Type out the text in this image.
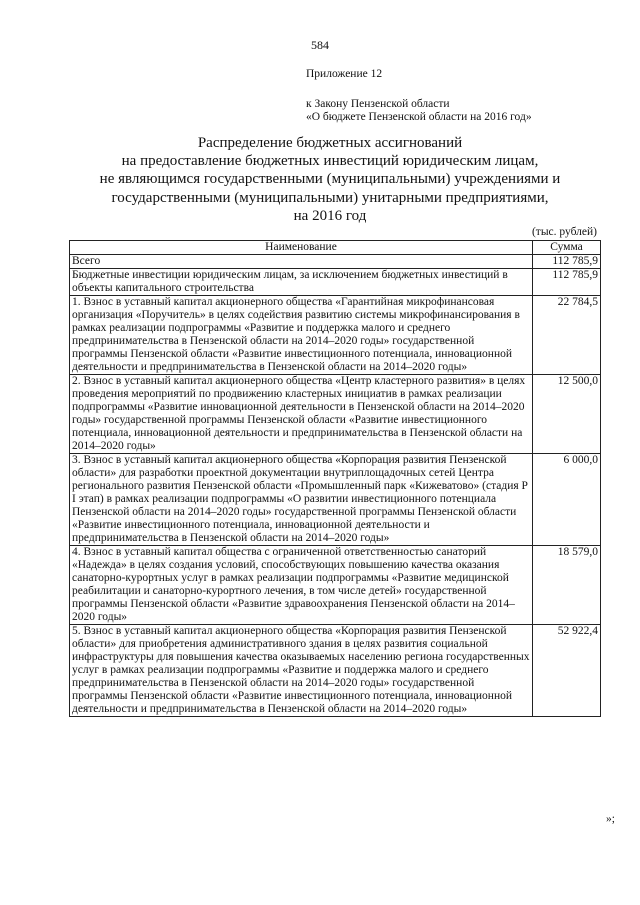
584
Приложение 12
к Закону Пензенской области
«О бюджете Пензенской области на 2016 год»
Распределение бюджетных ассигнований
на предоставление бюджетных инвестиций юридическим лицам,
не являющимся государственными (муниципальными) учреждениями и
государственными (муниципальными) унитарными предприятиями,
на 2016 год
(тыс. рублей)
Наименование	Сумма
Всего	112 785,9
Бюджетные инвестиции юридическим лицам, за исключением бюджетных инвестиций в объекты капитального строительства	112 785,9
1. Взнос в уставный капитал акционерного общества «Гарантийная микрофинансовая организация «Поручитель» в целях содействия развитию системы микрофинансирования в рамках реализации подпрограммы «Развитие и поддержка малого и среднего предпринимательства в Пензенской области на 2014–2020 годы» государственной программы Пензенской области «Развитие инвестиционного потенциала, инновационной деятельности и предпринимательства в Пензенской области на 2014–2020 годы»	22 784,5
2. Взнос в уставный капитал акционерного общества «Центр кластерного развития» в целях проведения мероприятий по продвижению кластерных инициатив в рамках реализации подпрограммы «Развитие инновационной деятельности в Пензенской области на 2014–2020 годы» государственной программы Пензенской области «Развитие инвестиционного потенциала, инновационной деятельности и предпринимательства в Пензенской области на 2014–2020 годы»	12 500,0
3. Взнос в уставный капитал акционерного общества «Корпорация развития Пензенской области» для разработки проектной документации внутриплощадочных сетей Центра регионального развития Пензенской области «Промышленный парк «Кижеватово» (стадия Р I этап) в рамках реализации подпрограммы «О развитии инвестиционного потенциала Пензенской области на 2014–2020 годы» государственной программы Пензенской области «Развитие инвестиционного потенциала, инновационной деятельности и предпринимательства в Пензенской области на 2014–2020 годы»	6 000,0
4. Взнос в уставный капитал общества с ограниченной ответственностью санаторий «Надежда» в целях создания условий, способствующих повышению качества оказания санаторно-курортных услуг в рамках реализации подпрограммы «Развитие медицинской реабилитации и санаторно-курортного лечения, в том числе детей» государственной программы Пензенской области «Развитие здравоохранения Пензенской области на 2014–2020 годы»	18 579,0
5. Взнос в уставный капитал акционерного общества «Корпорация развития Пензенской области» для приобретения административного здания в целях развития социальной инфраструктуры для повышения качества оказываемых населению региона государственных услуг в рамках реализации подпрограммы «Развитие и поддержка малого и среднего предпринимательства в Пензенской области на 2014–2020 годы» государственной программы Пензенской области «Развитие инвестиционного потенциала, инновационной деятельности и предпринимательства в Пензенской области на 2014–2020 годы»	52 922,4
»;
